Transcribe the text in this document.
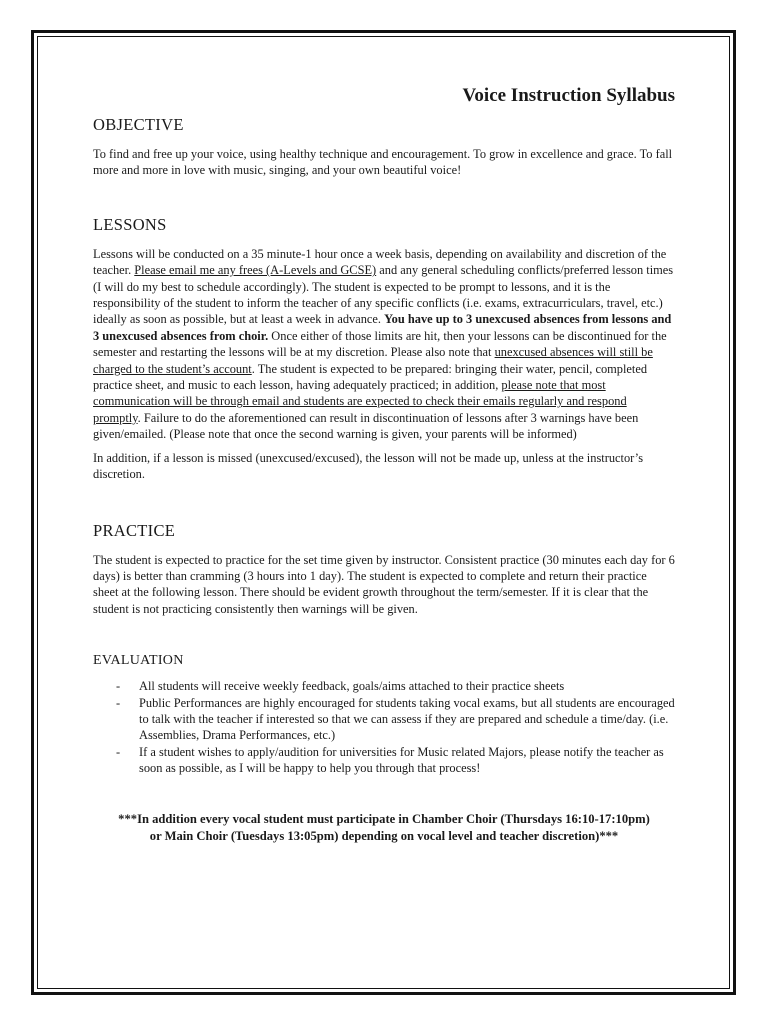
Voice Instruction Syllabus
OBJECTIVE

To find and free up your voice, using healthy technique and encouragement. To grow in excellence and grace. To fall more and more in love with music, singing, and your own beautiful voice!

LESSONS

Lessons will be conducted on a 35 minute-1 hour once a week basis, depending on availability and discretion of the teacher. Please email me any frees (A-Levels and GCSE) and any general scheduling conflicts/preferred lesson times (I will do my best to schedule accordingly). The student is expected to be prompt to lessons, and it is the responsibility of the student to inform the teacher of any specific conflicts (i.e. exams, extracurriculars, travel, etc.) ideally as soon as possible, but at least a week in advance. You have up to 3 unexcused absences from lessons and 3 unexcused absences from choir. Once either of those limits are hit, then your lessons can be discontinued for the semester and restarting the lessons will be at my discretion. Please also note that unexcused absences will still be charged to the student’s account. The student is expected to be prepared: bringing their water, pencil, completed practice sheet, and music to each lesson, having adequately practiced; in addition, please note that most communication will be through email and students are expected to check their emails regularly and respond promptly. Failure to do the aforementioned can result in discontinuation of lessons after 3 warnings have been given/emailed. (Please note that once the second warning is given, your parents will be informed)

In addition, if a lesson is missed (unexcused/excused), the lesson will not be made up, unless at the instructor’s discretion.

PRACTICE

The student is expected to practice for the set time given by instructor. Consistent practice (30 minutes each day for 6 days) is better than cramming (3 hours into 1 day). The student is expected to complete and return their practice sheet at the following lesson. There should be evident growth throughout the term/semester. If it is clear that the student is not practicing consistently then warnings will be given.

EVALUATION
- All students will receive weekly feedback, goals/aims attached to their practice sheets
- Public Performances are highly encouraged for students taking vocal exams, but all students are encouraged to talk with the teacher if interested so that we can assess if they are prepared and schedule a time/day. (i.e. Assemblies, Drama Performances, etc.)
- If a student wishes to apply/audition for universities for Music related Majors, please notify the teacher as soon as possible, as I will be happy to help you through that process!
***In addition every vocal student must participate in Chamber Choir (Thursdays 16:10-17:10pm)
or Main Choir (Tuesdays 13:05pm) depending on vocal level and teacher discretion)***
